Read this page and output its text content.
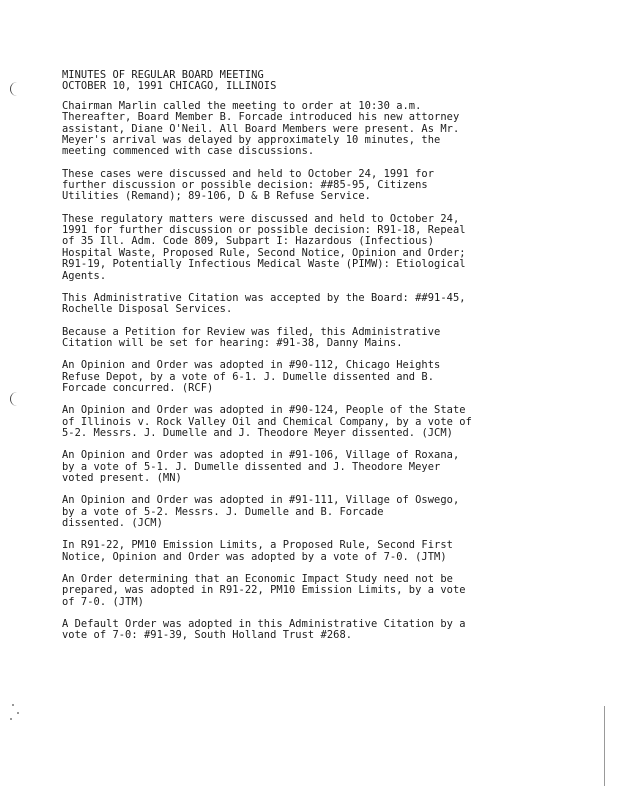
MINUTES OF REGULAR BOARD MEETING
OCTOBER 10, 1991 CHICAGO, ILLINOIS
Chairman Marlin called the meeting to order at 10:30 a.m.
Thereafter, Board Member B. Forcade introduced his new attorney
assistant, Diane O'Neil. All Board Members were present. As Mr.
Meyer's arrival was delayed by approximately 10 minutes, the
meeting commenced with case discussions.
These cases were discussed and held to October 24, 1991 for
further discussion or possible decision: ##85-95, Citizens
Utilities (Remand); 89-106, D & B Refuse Service.
These regulatory matters were discussed and held to October 24,
1991 for further discussion or possible decision: R91-18, Repeal
of 35 Ill. Adm. Code 809, Subpart I: Hazardous (Infectious)
Hospital Waste, Proposed Rule, Second Notice, Opinion and Order;
R91-19, Potentially Infectious Medical Waste (PIMW): Etiological
Agents.
This Administrative Citation was accepted by the Board: ##91-45,
Rochelle Disposal Services.
Because a Petition for Review was filed, this Administrative
Citation will be set for hearing: #91-38, Danny Mains.
An Opinion and Order was adopted in #90-112, Chicago Heights
Refuse Depot, by a vote of 6-1. J. Dumelle dissented and B.
Forcade concurred. (RCF)
An Opinion and Order was adopted in #90-124, People of the State
of Illinois v. Rock Valley Oil and Chemical Company, by a vote of
5-2. Messrs. J. Dumelle and J. Theodore Meyer dissented. (JCM)
An Opinion and Order was adopted in #91-106, Village of Roxana,
by a vote of 5-1. J. Dumelle dissented and J. Theodore Meyer
voted present. (MN)
An Opinion and Order was adopted in #91-111, Village of Oswego,
by a vote of 5-2. Messrs. J. Dumelle and B. Forcade
dissented. (JCM)
In R91-22, PM10 Emission Limits, a Proposed Rule, Second First
Notice, Opinion and Order was adopted by a vote of 7-0. (JTM)
An Order determining that an Economic Impact Study need not be
prepared, was adopted in R91-22, PM10 Emission Limits, by a vote
of 7-0. (JTM)
A Default Order was adopted in this Administrative Citation by a
vote of 7-0: #91-39, South Holland Trust #268.
